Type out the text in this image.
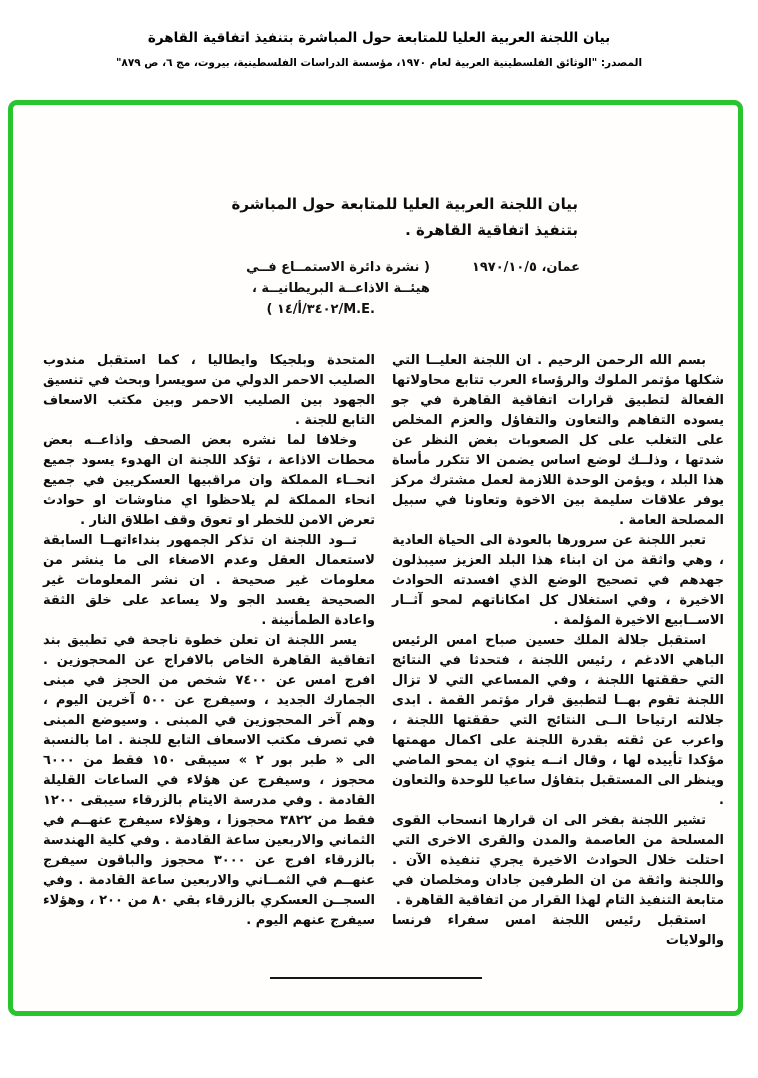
بيان اللجنة العربية العليا للمتابعة حول المباشرة بتنفيذ اتفاقية القاهرة
المصدر: "الوثائق الفلسطينية العربية لعام ١٩٧٠، مؤسسة الدراسات الفلسطينية، بيروت، مج ٦، ص ٨٧٩"
بيان اللجنة العربية العليا للمتابعة حول المباشرة بتنفيذ اتفاقية القاهرة .
عمان، ١٩٧٠/١٠/٥
( نشرة دائرة الاستمــاع فــي
هيئــة الاذاعــة البريطانيــة ،
( ١٤/أ/٣٤٠٢/M.E.

بسم الله الرحمن الرحيم . ان اللجنة العليــا التي شكلها مؤتمر الملوك والرؤساء العرب تتابع محاولاتها الفعالة لتطبيق قرارات اتفاقية القاهرة في جو يسوده التفاهم والتعاون والتفاؤل والعزم المخلص على التغلب على كل الصعوبات بغض النظر عن شدتها ، وذلــك لوضع اساس يضمن الا تتكرر مأساة هذا البلد ، ويؤمن الوحدة اللازمة لعمل مشترك مركز يوفر علاقات سليمة بين الاخوة وتعاونا في سبيل المصلحة العامة .

تعبر اللجنة عن سرورها بالعودة الى الحياة العادية ، وهي واثقة من ان ابناء هذا البلد العزيز سيبذلون جهدهم في تصحيح الوضع الذي افسدته الحوادث الاخيرة ، وفي استغلال كل امكاناتهم لمحو آثــار الاســابيع الاخيرة المؤلمة .

استقبل جلالة الملك حسين صباح امس الرئيس الباهي الادغم ، رئيس اللجنة ، فتحدثا في النتائج التي حققتها اللجنة ، وفي المساعي التي لا تزال اللجنة تقوم بهــا لتطبيق قرار مؤتمر القمة . ابدى جلالته ارتياحا الــى النتائج التي حققتها اللجنة ، واعرب عن ثقته بقدرة اللجنة على اكمال مهمتها مؤكدا تأييده لها ، وقال انــه ينوي ان يمحو الماضي وينظر الى المستقبل بتفاؤل ساعيا للوحدة والتعاون .

تشير اللجنة بفخر الى ان قرارها انسحاب القوى المسلحة من العاصمة والمدن والقرى الاخرى التي احتلت خلال الحوادث الاخيرة يجري تنفيذه الآن . واللجنة واثقة من ان الطرفين جادان ومخلصان في متابعة التنفيذ التام لهذا القرار من اتفاقية القاهرة .

استقبل رئيس اللجنة امس سفراء فرنسا والولايات

المتحدة وبلجيكا وايطاليا ، كما استقبل مندوب الصليب الاحمر الدولي من سويسرا وبحث في تنسيق الجهود بين الصليب الاحمر وبين مكتب الاسعاف التابع للجنة .

وخلافا لما نشره بعض الصحف واذاعــه بعض محطات الاذاعة ، تؤكد اللجنة ان الهدوء يسود جميع انحــاء المملكة وان مراقبيها العسكريين في جميع انحاء المملكة لم يلاحظوا اي مناوشات او حوادث تعرض الامن للخطر او تعوق وقف اطلاق النار .

تــود اللجنة ان تذكر الجمهور بنداءاتهــا السابقة لاستعمال العقل وعدم الاصغاء الى ما ينشر من معلومات غير صحيحة . ان نشر المعلومات غير الصحيحة يفسد الجو ولا يساعد على خلق الثقة واعادة الطمأنينة .

يسر اللجنة ان تعلن خطوة ناجحة في تطبيق بند اتفاقية القاهرة الخاص بالافراج عن المحجوزين . افرج امس عن ٧٤٠٠ شخص من الحجز في مبنى الجمارك الجديد ، وسيفرج عن ٥٠٠ آخرين اليوم ، وهم آخر المحجوزين في المبنى . وسيوضع المبنى في تصرف مكتب الاسعاف التابع للجنة . اما بالنسبة الى « طبر بور ٢ » سيبقى ١٥٠ فقط من ٦٠٠٠ محجوز ، وسيفرج عن هؤلاء في الساعات القليلة القادمة . وفي مدرسة الايتام بالزرقاء سيبقى ١٢٠٠ فقط من ٣٨٢٢ محجوزا ، وهؤلاء سيفرج عنهــم في الثماني والاربعين ساعة القادمة . وفي كلية الهندسة بالزرقاء افرج عن ٣٠٠٠ محجوز والباقون سيفرج عنهــم في الثمــاني والاربعين ساعة القادمة . وفي السجــن العسكري بالزرقاء بقي ٨٠ من ٢٠٠ ، وهؤلاء سيفرج عنهم اليوم .
